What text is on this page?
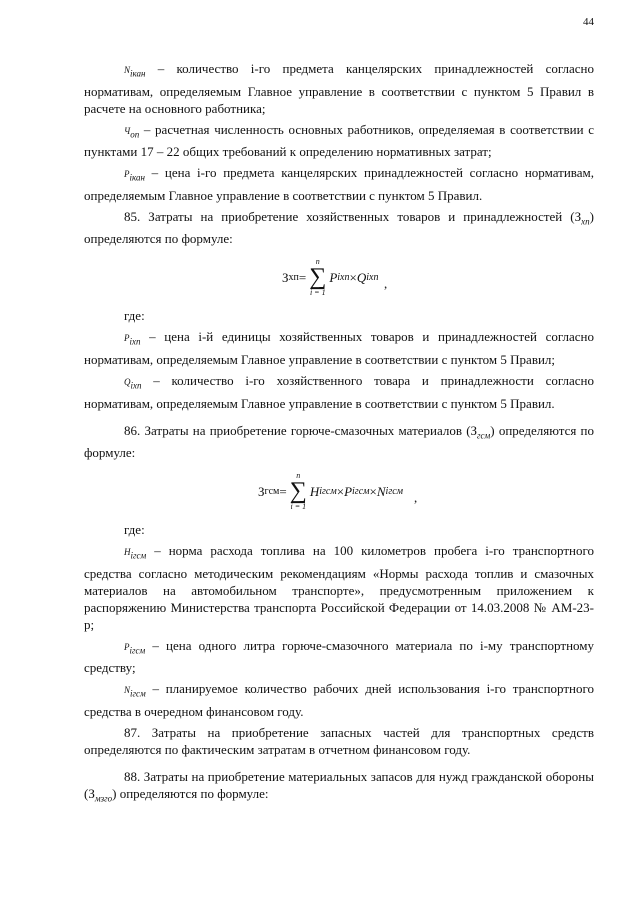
44

$N_{ікан}$ – количество i-го предмета канцелярских принадлежностей согласно нормативам, определяемым Главное управление в соответствии с пунктом 5 Правил в расчете на основного работника;

$Ч_{оп}$ – расчетная численность основных работников, определяемая в соответствии с пунктами 17 – 22 общих требований к определению нормативных затрат;

$P_{ікан}$ – цена i-го предмета канцелярских принадлежностей согласно нормативам, определяемым Главное управление в соответствии с пунктом 5 Правил.

85. Затраты на приобретение хозяйственных товаров и принадлежностей $(З_{хп})$ определяются по формуле:

З хп =
n
∑
i = 1
P ixп × Q ixп ,
где:

$P_{ixп}$ – цена i-й единицы хозяйственных товаров и принадлежностей согласно нормативам, определяемым Главное управление в соответствии с пунктом 5 Правил;

$Q_{ixп}$ – количество i-го хозяйственного товара и принадлежности согласно нормативам, определяемым Главное управление в соответствии с пунктом 5 Правил.

86. Затраты на приобретение горюче-смазочных материалов $(З_{гсм})$ определяются по формуле:

З гсм =
n
∑
i = 1
H iгсм × P iгсм × N iгсм ,
где:

$H_{iгсм}$ – норма расхода топлива на 100 километров пробега i-го транспортного средства согласно методическим рекомендациям «Нормы расхода топлив и смазочных материалов на автомобильном транспорте», предусмотренным приложением к распоряжению Министерства транспорта Российской Федерации от 14.03.2008 № АМ-23-р;

$P_{iгсм}$ – цена одного литра горюче-смазочного материала по i-му транспортному средству;

$N_{iгсм}$ – планируемое количество рабочих дней использования i-го транспортного средства в очередном финансовом году.

87. Затраты на приобретение запасных частей для транспортных средств определяются по фактическим затратам в отчетном финансовом году.

88. Затраты на приобретение материальных запасов для нужд гражданской обороны $(З_{мзго})$ определяются по формуле:
